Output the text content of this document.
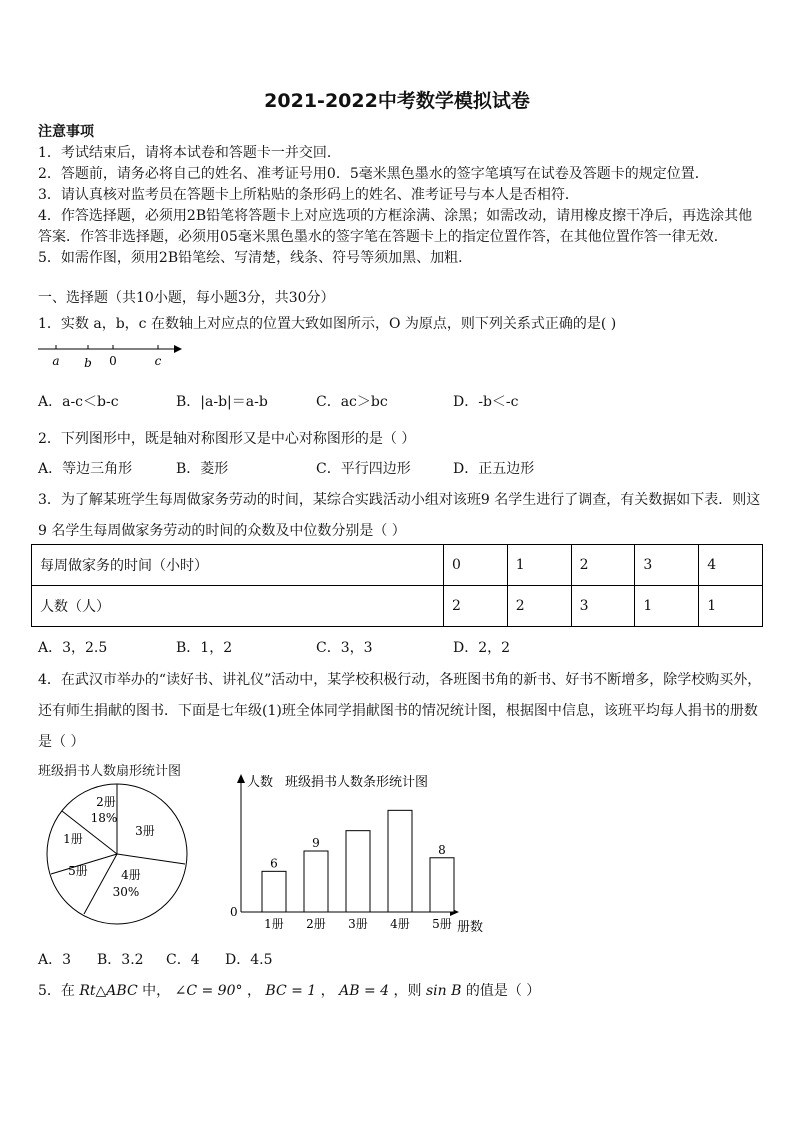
2021-2022中考数学模拟试卷
注意事项
1．考试结束后，请将本试卷和答题卡一并交回．
2．答题前，请务必将自己的姓名、准考证号用0．5毫米黑色墨水的签字笔填写在试卷及答题卡的规定位置．
3．请认真核对监考员在答题卡上所粘贴的条形码上的姓名、准考证号与本人是否相符．
4．作答选择题，必须用2B铅笔将答题卡上对应选项的方框涂满、涂黑；如需改动，请用橡皮擦干净后，再选涂其他
答案．作答非选择题，必须用05毫米黑色墨水的签字笔在答题卡上的指定位置作答，在其他位置作答一律无效．
5．如需作图，须用2B铅笔绘、写清楚，线条、符号等须加黑、加粗．
一、选择题（共10小题，每小题3分，共30分）
1．实数 a，b，c 在数轴上对应点的位置大致如图所示，O 为原点，则下列关系式正确的是( )
a b 0	c
A．a-c＜b-c	B．|a-b|＝a-b	C．ac＞bc	D．-b＜-c
2．下列图形中，既是轴对称图形又是中心对称图形的是（ ）
A．等边三角形	B．菱形	C．平行四边形	D．正五边形
3．为了解某班学生每周做家务劳动的时间，某综合实践活动小组对该班9 名学生进行了调查，有关数据如下表．则这
9 名学生每周做家务劳动的时间的众数及中位数分别是（ ）
每周做家务的时间（小时）	0	1	2	3	4
人数（人）	2	2	3	1	1
A．3，2.5	B．1，2	C．3，3	D．2，2
4．在武汉市举办的“读好书、讲礼仪”活动中，某学校积极行动，各班图书角的新书、好书不断增多，除学校购买外，
还有师生捐献的图书．下面是七年级(1)班全体同学捐献图书的情况统计图，根据图中信息，该班平均每人捐书的册数
是（ ）
班级捐书人数扇形统计图
2册
18%
3册
1册
5册	4册
30%
人数 班级捐书人数条形统计图
0
册数
6
1册
9
2册 3册 4册
8
5册
A．3 B．3.2 C．4 D．4.5
5．在 Rt△ABC 中， ∠C = 90° ， BC = 1 ， AB = 4 ，则 sin B 的值是（ ）
